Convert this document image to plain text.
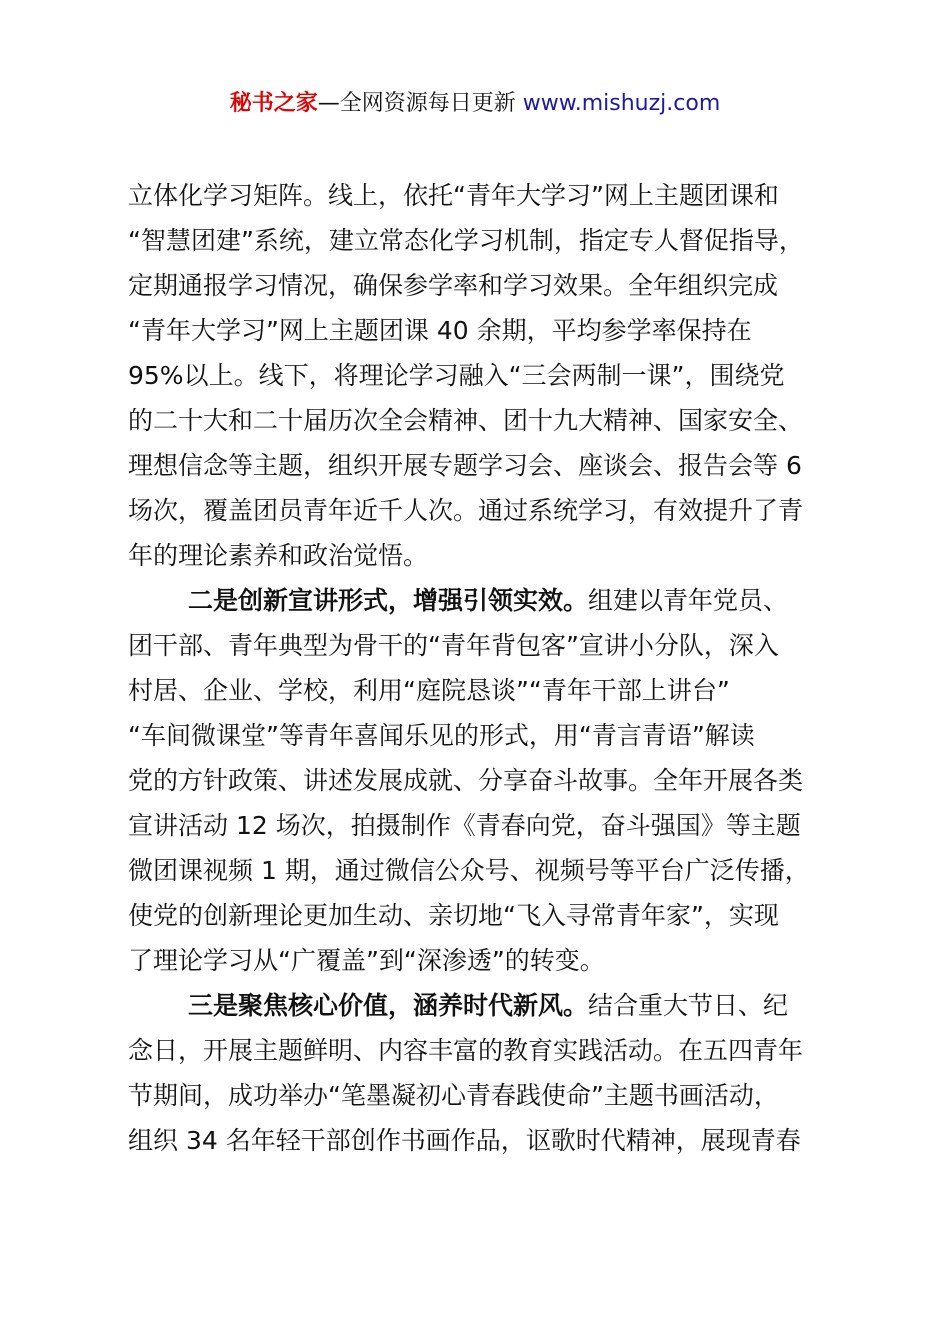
秘书之家—全网资源每日更新 www.mishuzj.com
立体化学习矩阵。线上，依托“青年大学习”网上主题团课和
“智慧团建”系统，建立常态化学习机制，指定专人督促指导，
定期通报学习情况，确保参学率和学习效果。全年组织完成
“青年大学习”网上主题团课 40 余期，平均参学率保持在
95%以上。线下，将理论学习融入“三会两制一课”，围绕党
的二十大和二十届历次全会精神、团十九大精神、国家安全、
理想信念等主题，组织开展专题学习会、座谈会、报告会等 6
场次，覆盖团员青年近千人次。通过系统学习，有效提升了青
年的理论素养和政治觉悟。
二是创新宣讲形式，增强引领实效。组建以青年党员、
团干部、青年典型为骨干的“青年背包客”宣讲小分队，深入
村居、企业、学校，利用“庭院恳谈”“青年干部上讲台”
“车间微课堂”等青年喜闻乐见的形式，用“青言青语”解读
党的方针政策、讲述发展成就、分享奋斗故事。全年开展各类
宣讲活动 12 场次，拍摄制作《青春向党，奋斗强国》等主题
微团课视频 1 期，通过微信公众号、视频号等平台广泛传播，
使党的创新理论更加生动、亲切地“飞入寻常青年家”，实现
了理论学习从“广覆盖”到“深渗透”的转变。
三是聚焦核心价值，涵养时代新风。结合重大节日、纪
念日，开展主题鲜明、内容丰富的教育实践活动。在五四青年
节期间，成功举办“笔墨凝初心青春践使命”主题书画活动，
组织 34 名年轻干部创作书画作品，讴歌时代精神，展现青春
